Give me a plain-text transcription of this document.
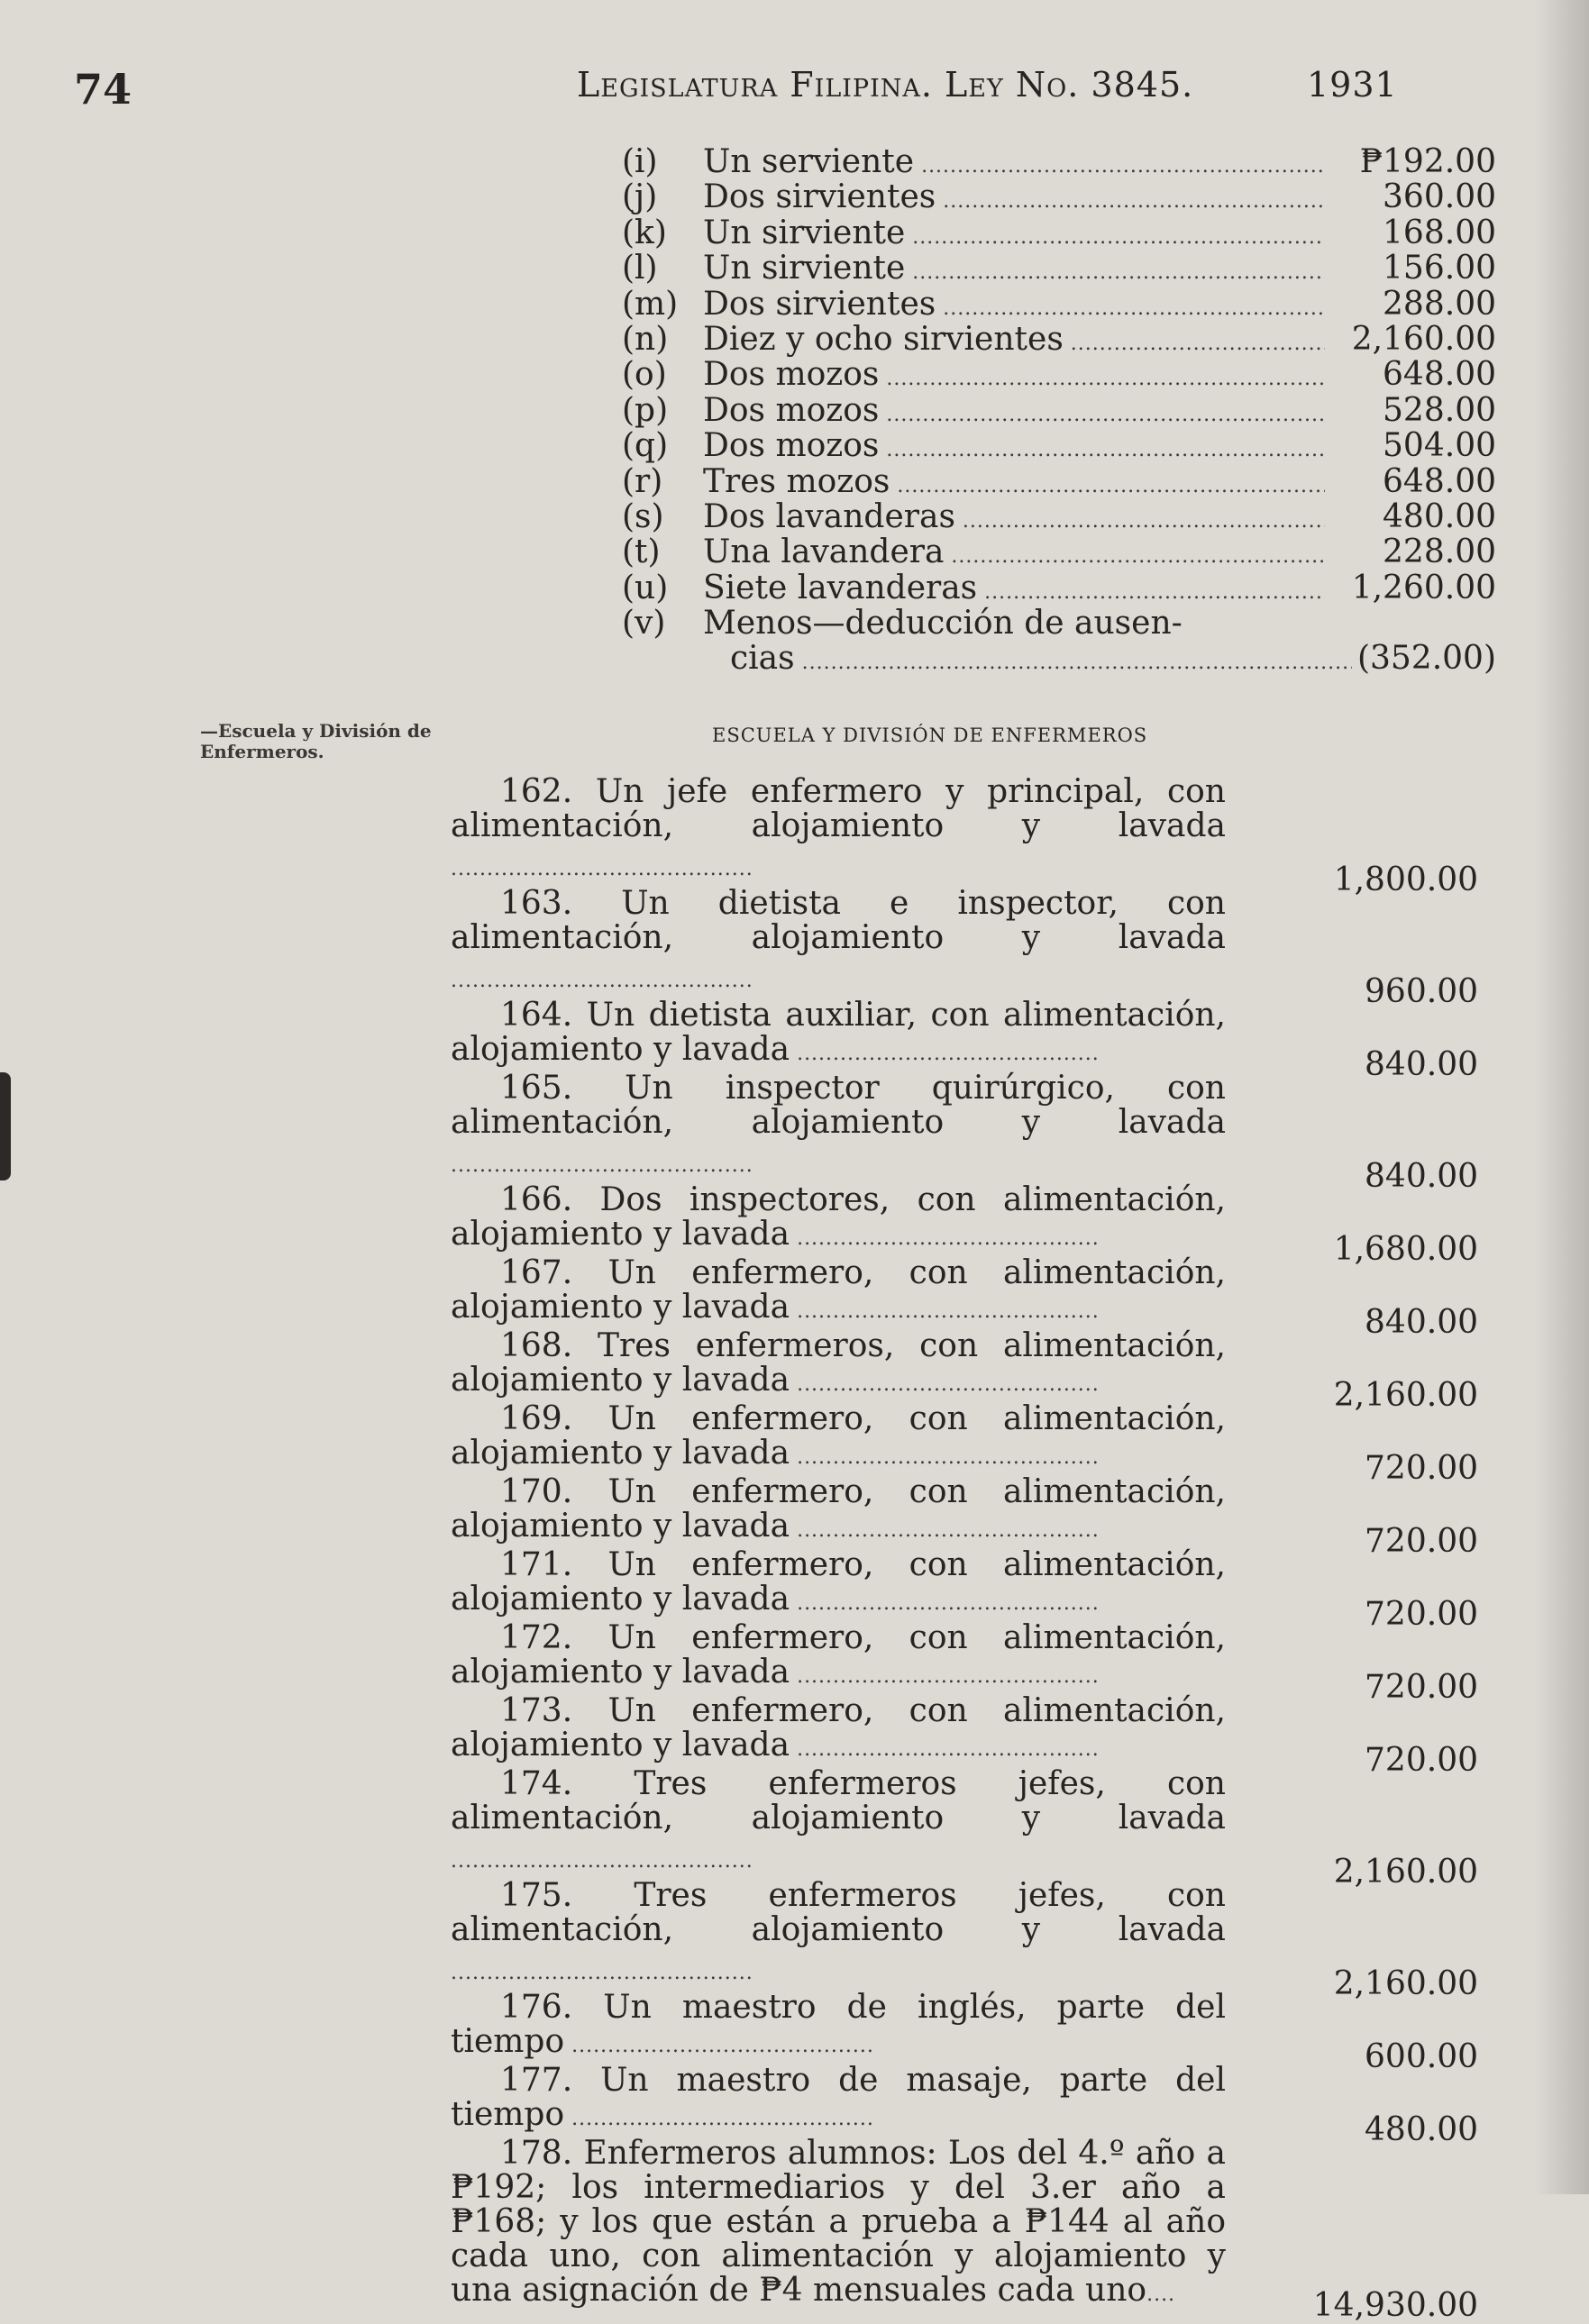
74	Legislatura Filipina. Ley No. 3845.	1931
(i)	Un serviente .....	₱192.00
(j)	Dos sirvientes .....	360.00
(k)	Un sirviente .....	168.00
(l)	Un sirviente .....	156.00
(m) Dos sirvientes .....	288.00
(n)	Diez y ocho sirvientes .....	2,160.00
(o)	Dos mozos .....	648.00
(p)	Dos mozos .....	528.00
(q)	Dos mozos .....	504.00
(r)	Tres mozos .....	648.00
(s)	Dos lavanderas .....	480.00
(t)	Una lavandera .....	228.00
(u)	Siete lavanderas .....	1,260.00
(v)	Menos—deducción de ausen-
cias .....	(352.00)
—Escuela y División de Enfermeros.
ESCUELA Y DIVISIÓN DE ENFERMEROS
162. Un jefe enfermero y principal, con alimentación, alojamiento y lavada ..........................................	1,800.00
163. Un dietista e inspector, con alimentación, alojamiento y lavada ..........................................	960.00
164. Un dietista auxiliar, con alimentación, alojamiento y lavada ..........................................	840.00
165. Un inspector quirúrgico, con alimentación, alojamiento y lavada ..........................................	840.00
166. Dos inspectores, con alimentación, alojamiento y lavada ..........................................	1,680.00
167. Un enfermero, con alimentación, alojamiento y lavada ..........................................	840.00
168. Tres enfermeros, con alimentación, alojamiento y lavada ..........................................	2,160.00
169. Un enfermero, con alimentación, alojamiento y lavada ..........................................	720.00
170. Un enfermero, con alimentación, alojamiento y lavada ..........................................	720.00
171. Un enfermero, con alimentación, alojamiento y lavada ..........................................	720.00
172. Un enfermero, con alimentación, alojamiento y lavada ..........................................	720.00
173. Un enfermero, con alimentación, alojamiento y lavada ..........................................	720.00
174. Tres enfermeros jefes, con alimentación, alojamiento y lavada ..........................................	2,160.00
175. Tres enfermeros jefes, con alimentación, alojamiento y lavada ..........................................	2,160.00
176. Un maestro de inglés, parte del tiempo ..........................................	600.00
177. Un maestro de masaje, parte del tiempo ..........................................	480.00
178. Enfermeros alumnos: Los del 4.º año a ₱192; los intermediarios y del 3.er año a ₱168; y los que están a prueba a ₱144 al año cada uno, con alimentación y alojamiento y una asignación de ₱4 mensuales cada uno....	14,930.00
